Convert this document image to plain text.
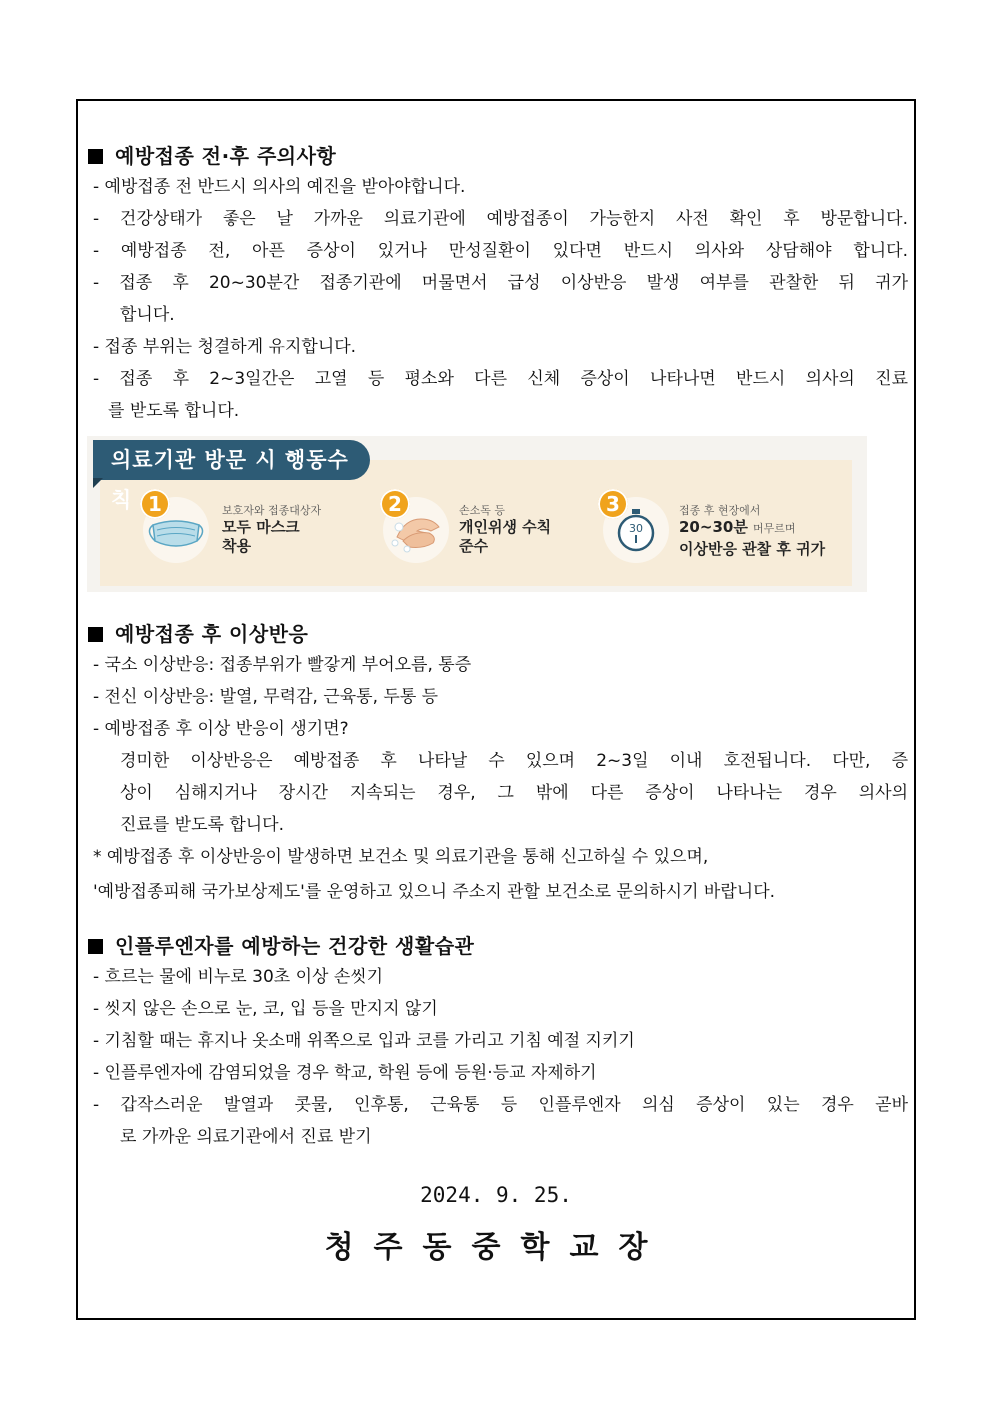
예방접종 전·후 주의사항
- 예방접종 전 반드시 의사의 예진을 받아야합니다.
- 건강상태가 좋은 날 가까운 의료기관에 예방접종이 가능한지 사전 확인 후 방문합니다.
- 예방접종 전, 아픈 증상이 있거나 만성질환이 있다면 반드시 의사와 상담해야 합니다.
- 접종 후 20~30분간 접종기관에 머물면서 급성 이상반응 발생 여부를 관찰한 뒤 귀가
합니다.
- 접종 부위는 청결하게 유지합니다.
- 접종 후 2~3일간은 고열 등 평소와 다른 신체 증상이 나타나면 반드시 의사의 진료
를 받도록 합니다.
의료기관 방문 시 행동수칙 1	보호자와 접종대상자
모두 마스크
착용
2	손소독 등
개인위생 수칙
준수
30
3	접종 후 현장에서
20~30분 머무르며
이상반응 관찰 후 귀가
예방접종 후 이상반응
- 국소 이상반응: 접종부위가 빨갛게 부어오름, 통증
- 전신 이상반응: 발열, 무력감, 근육통, 두통 등
- 예방접종 후 이상 반응이 생기면?
경미한 이상반응은 예방접종 후 나타날 수 있으며 2~3일 이내 호전됩니다. 다만, 증
상이 심해지거나 장시간 지속되는 경우, 그 밖에 다른 증상이 나타나는 경우 의사의
진료를 받도록 합니다.
* 예방접종 후 이상반응이 발생하면 보건소 및 의료기관을 통해 신고하실 수 있으며,
'예방접종피해 국가보상제도'를 운영하고 있으니 주소지 관할 보건소로 문의하시기 바랍니다.
인플루엔자를 예방하는 건강한 생활습관
- 흐르는 물에 비누로 30초 이상 손씻기
- 씻지 않은 손으로 눈, 코, 입 등을 만지지 않기
- 기침할 때는 휴지나 옷소매 위쪽으로 입과 코를 가리고 기침 예절 지키기
- 인플루엔자에 감염되었을 경우 학교, 학원 등에 등원·등교 자제하기
- 갑작스러운 발열과 콧물, 인후통, 근육통 등 인플루엔자 의심 증상이 있는 경우 곧바
로 가까운 의료기관에서 진료 받기
2024. 9. 25.
청주동중학교장
